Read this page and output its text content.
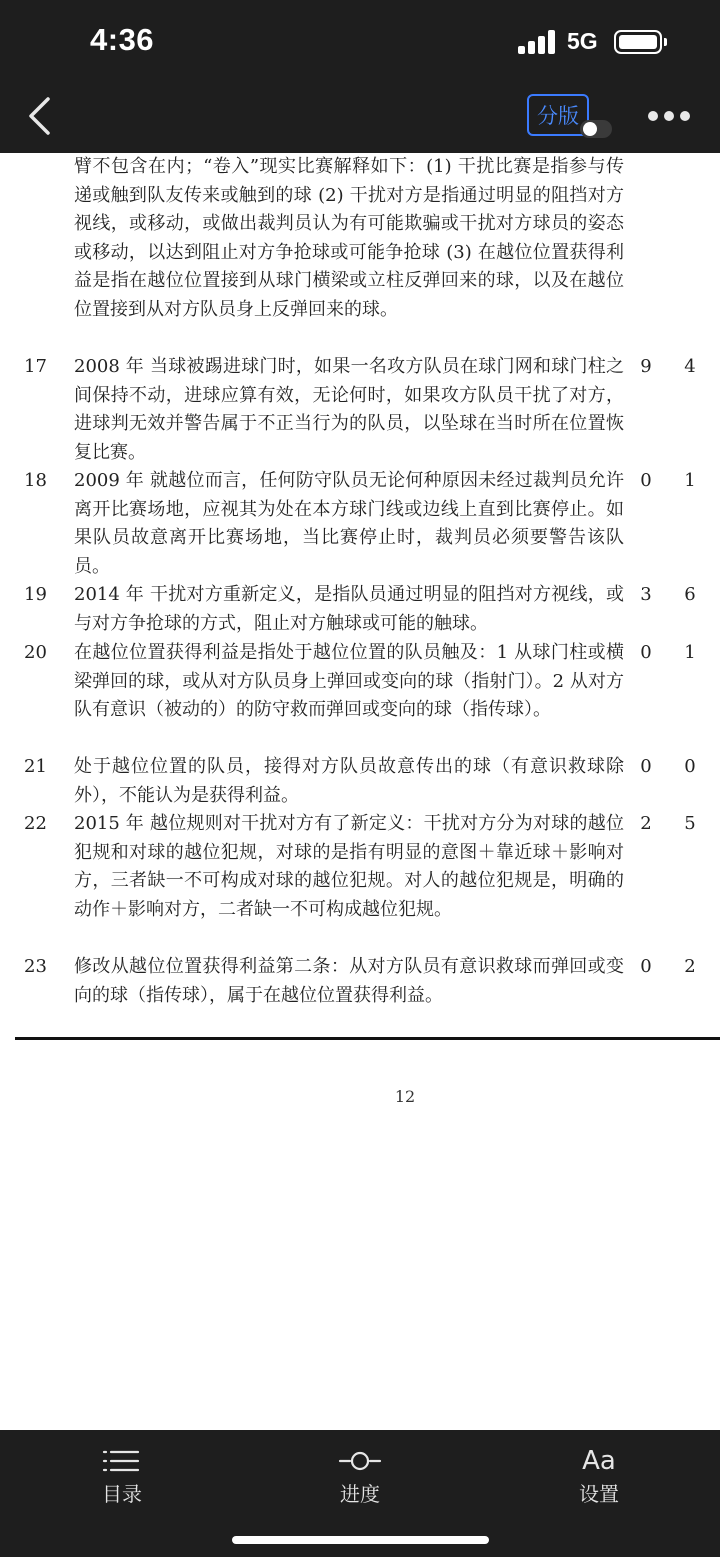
4:36	5G
分版
臂不包含在内；“卷入”现实比赛解释如下：(1) 干扰比赛是指参与传递或触到队友传来或触到的球 (2) 干扰对方是指通过明显的阻挡对方视线，或移动，或做出裁判员认为有可能欺骗或干扰对方球员的姿态或移动，以达到阻止对方争抢球或可能争抢球 (3) 在越位位置获得利益是指在越位位置接到从球门横梁或立柱反弹回来的球，以及在越位位置接到从对方队员身上反弹回来的球。
17 2008 年 当球被踢进球门时，如果一名攻方队员在球门网和球门柱之间保持不动，进球应算有效，无论何时，如果攻方队员干扰了对方，进球判无效并警告属于不正当行为的队员，以坠球在当时所在位置恢复比赛。
9 4
18 2009 年 就越位而言，任何防守队员无论何种原因未经过裁判员允许离开比赛场地，应视其为处在本方球门线或边线上直到比赛停止。如果队员故意离开比赛场地，当比赛停止时，裁判员必须要警告该队员。
0 1
19 2014 年 干扰对方重新定义，是指队员通过明显的阻挡对方视线，或与对方争抢球的方式，阻止对方触球或可能的触球。
3 6
20 在越位位置获得利益是指处于越位位置的队员触及：1 从球门柱或横梁弹回的球，或从对方队员身上弹回或变向的球（指射门）。2 从对方队有意识（被动的）的防守救而弹回或变向的球（指传球）。
0 1
21 处于越位位置的队员，接得对方队员故意传出的球（有意识救球除外），不能认为是获得利益。
0 0
22 2015 年 越位规则对干扰对方有了新定义：干扰对方分为对球的越位犯规和对球的越位犯规，对球的是指有明显的意图＋靠近球＋影响对方，三者缺一不可构成对球的越位犯规。对人的越位犯规是，明确的动作＋影响对方，二者缺一不可构成越位犯规。
2 5
23 修改从越位位置获得利益第二条：从对方队员有意识救球而弹回或变向的球（指传球），属于在越位位置获得利益。
0 2
12
目录	进度
Aa
设置
